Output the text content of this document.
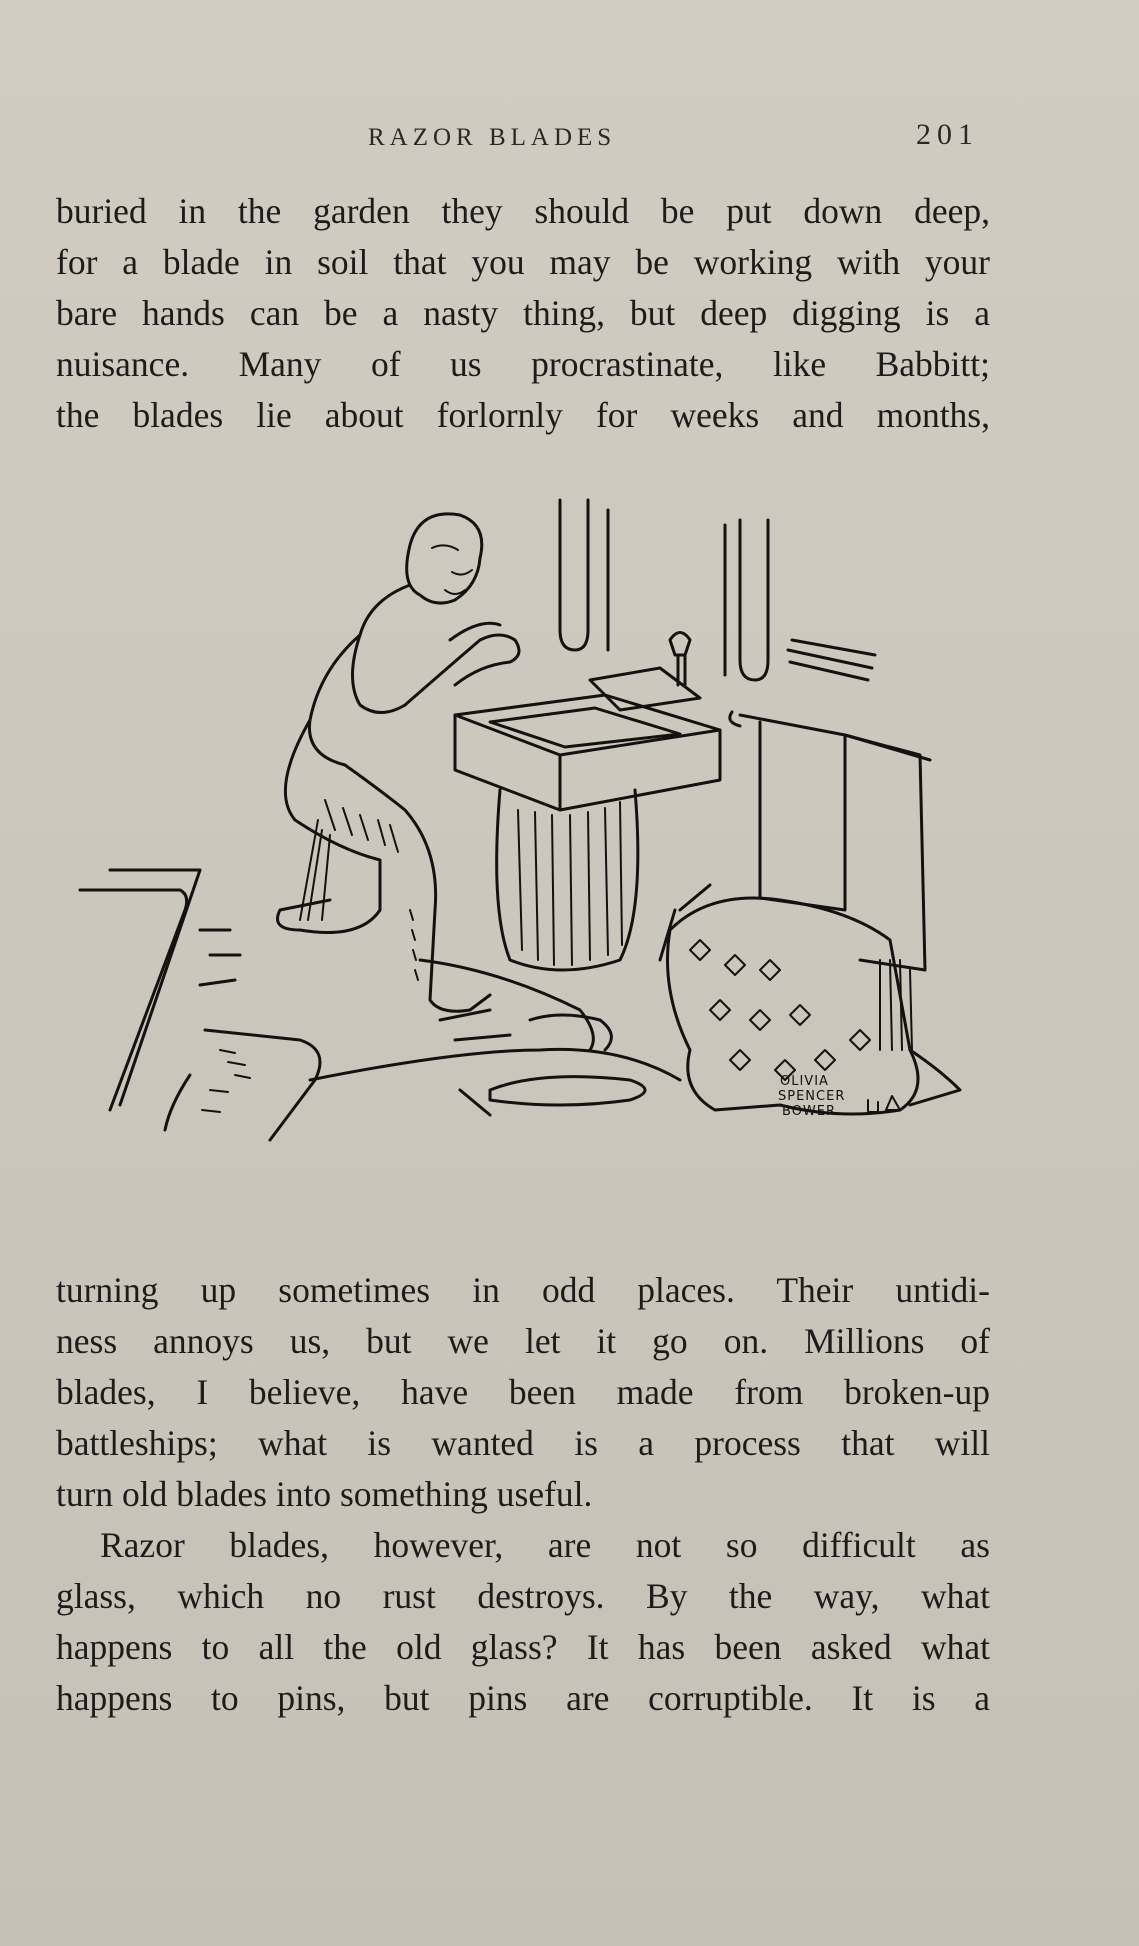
RAZOR BLADES	201

buried in the garden they should be put down deep,
for a blade in soil that you may be working with your
bare hands can be a nasty thing, but deep digging is a
nuisance. Many of us procrastinate, like Babbitt;
the blades lie about forlornly for weeks and months,

OLIVIA
SPENCER
BOWER

turning up sometimes in odd places. Their untidi-
ness annoys us, but we let it go on. Millions of
blades, I believe, have been made from broken-up
battleships; what is wanted is a process that will
turn old blades into something useful.

Razor blades, however, are not so difficult as
glass, which no rust destroys. By the way, what
happens to all the old glass? It has been asked what
happens to pins, but pins are corruptible. It is a
